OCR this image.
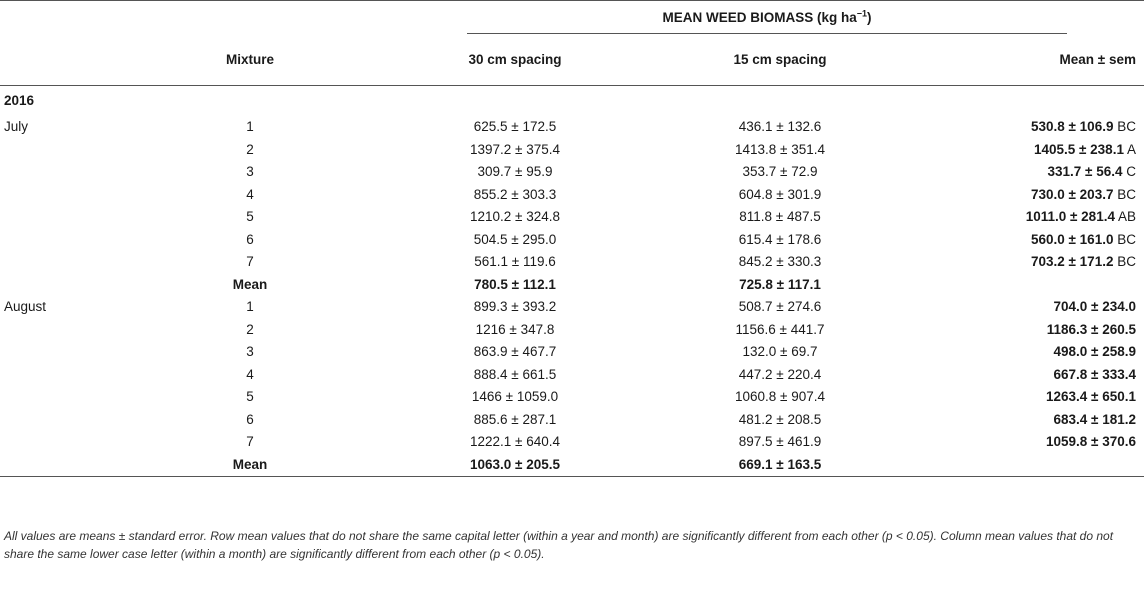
		MEAN WEED BIOMASS (kg $ha^{-1}$)		
	Mixture	30 cm spacing	15 cm spacing	Mean ± sem
2016				
July	1	625.5 ± 172.5	436.1 ± 132.6	530.8 ± 106.9 BC
	2	1397.2 ± 375.4	1413.8 ± 351.4	1405.5 ± 238.1 A
	3	309.7 ± 95.9	353.7 ± 72.9	331.7 ± 56.4 C
	4	855.2 ± 303.3	604.8 ± 301.9	730.0 ± 203.7 BC
	5	1210.2 ± 324.8	811.8 ± 487.5	1011.0 ± 281.4 AB
	6	504.5 ± 295.0	615.4 ± 178.6	560.0 ± 161.0 BC
	7	561.1 ± 119.6	845.2 ± 330.3	703.2 ± 171.2 BC
	Mean	780.5 ± 112.1	725.8 ± 117.1	
August	1	899.3 ± 393.2	508.7 ± 274.6	704.0 ± 234.0
	2	1216 ± 347.8	1156.6 ± 441.7	1186.3 ± 260.5
	3	863.9 ± 467.7	132.0 ± 69.7	498.0 ± 258.9
	4	888.4 ± 661.5	447.2 ± 220.4	667.8 ± 333.4
	5	1466 ± 1059.0	1060.8 ± 907.4	1263.4 ± 650.1
	6	885.6 ± 287.1	481.2 ± 208.5	683.4 ± 181.2
	7	1222.1 ± 640.4	897.5 ± 461.9	1059.8 ± 370.6
	Mean	1063.0 ± 205.5	669.1 ± 163.5	
All values are means ± standard error. Row mean values that do not share the same capital letter (within a year and month) are significantly different from each other (p < 0.05). Column mean values that do not share the same lower case letter (within a month) are significantly different from each other (p < 0.05).
